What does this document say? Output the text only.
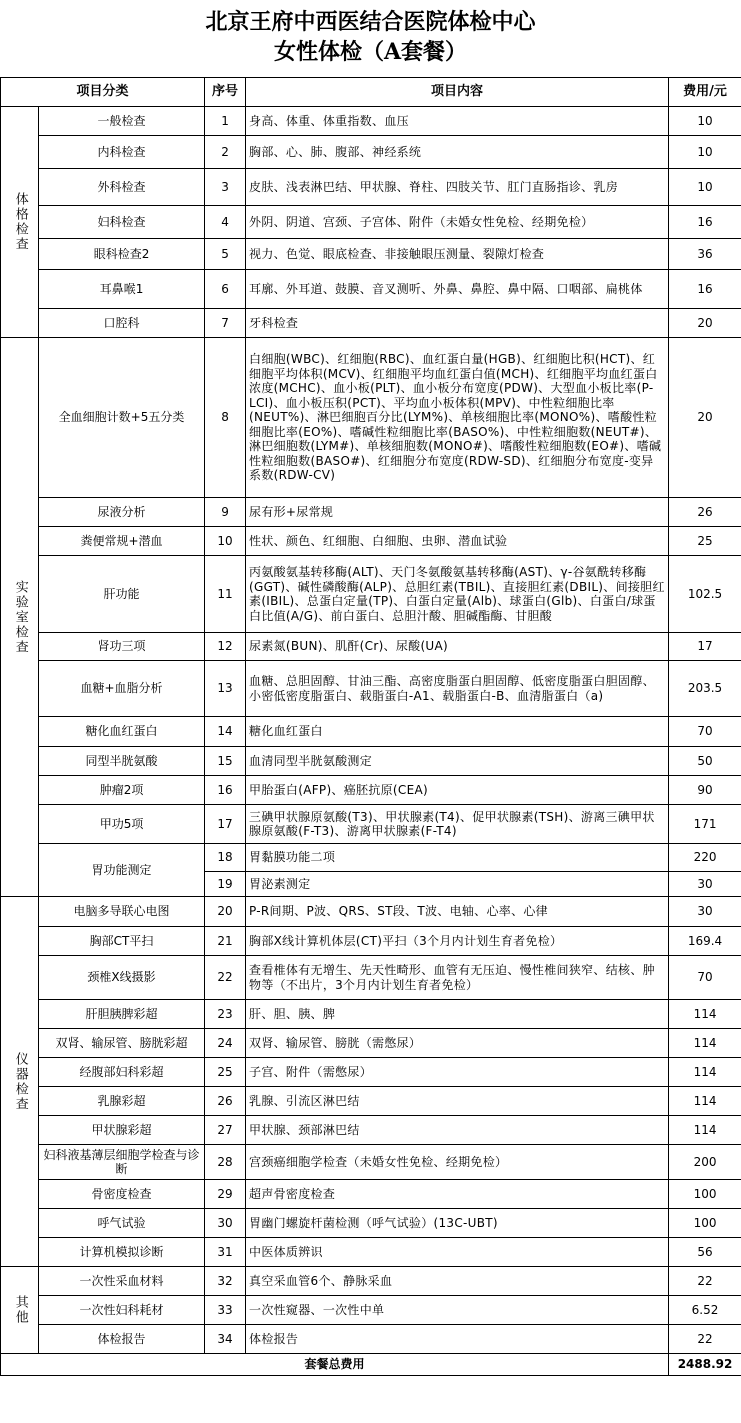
北京王府中西医结合医院体检中心
女性体检（A套餐）
项目分类		序号	项目内容	费用/元
体格检查	一般检查	1	身高、体重、体重指数、血压	10
	内科检查	2	胸部、心、肺、腹部、神经系统	10
	外科检查	3	皮肤、浅表淋巴结、甲状腺、脊柱、四肢关节、肛门直肠指诊、乳房	10
	妇科检查	4	外阴、阴道、宫颈、子宫体、附件（未婚女性免检、经期免检）	16
	眼科检查2	5	视力、色觉、眼底检查、非接触眼压测量、裂隙灯检查	36
	耳鼻喉1	6	耳廓、外耳道、鼓膜、音叉测听、外鼻、鼻腔、鼻中隔、口咽部、扁桃体	16
	口腔科	7	牙科检查	20
实验室检查	全血细胞计数+5五分类	8	白细胞(WBC)、红细胞(RBC)、血红蛋白量(HGB)、红细胞比积(HCT)、红细胞平均体积(MCV)、红细胞平均血红蛋白值(MCH)、红细胞平均血红蛋白浓度(MCHC)、血小板(PLT)、血小板分布宽度(PDW)、大型血小板比率(P-LCI)、血小板压积(PCT)、平均血小板体积(MPV)、中性粒细胞比率(NEUT%)、淋巴细胞百分比(LYM%)、单核细胞比率(MONO%)、嗜酸性粒细胞比率(EO%)、嗜碱性粒细胞比率(BASO%)、中性粒细胞数(NEUT#)、淋巴细胞数(LYM#)、单核细胞数(MONO#)、嗜酸性粒细胞数(EO#)、嗜碱性粒细胞数(BASO#)、红细胞分布宽度(RDW-SD)、红细胞分布宽度-变异系数(RDW-CV)	20
	尿液分析	9	尿有形+尿常规	26
	粪便常规+潜血	10	性状、颜色、红细胞、白细胞、虫卵、潜血试验	25
	肝功能	11	丙氨酸氨基转移酶(ALT)、天门冬氨酸氨基转移酶(AST)、γ-谷氨酰转移酶(GGT)、碱性磷酸酶(ALP)、总胆红素(TBIL)、直接胆红素(DBIL)、间接胆红素(IBIL)、总蛋白定量(TP)、白蛋白定量(Alb)、球蛋白(Glb)、白蛋白/球蛋白比值(A/G)、前白蛋白、总胆汁酸、胆碱酯酶、甘胆酸	102.5
	肾功三项	12	尿素氮(BUN)、肌酐(Cr)、尿酸(UA)	17
	血糖+血脂分析	13	血糖、总胆固醇、甘油三酯、高密度脂蛋白胆固醇、低密度脂蛋白胆固醇、小密低密度脂蛋白、载脂蛋白-A1、载脂蛋白-B、血清脂蛋白（a)	203.5
	糖化血红蛋白	14	糖化血红蛋白	70
	同型半胱氨酸	15	血清同型半胱氨酸测定	50
	肿瘤2项	16	甲胎蛋白(AFP)、癌胚抗原(CEA)	90
	甲功5项	17	三碘甲状腺原氨酸(T3)、甲状腺素(T4)、促甲状腺素(TSH)、游离三碘甲状腺原氨酸(F-T3)、游离甲状腺素(F-T4)	171
	胃功能测定	18	胃黏膜功能二项	220
		19	胃泌素测定	30
仪器检查	电脑多导联心电图	20	P-R间期、P波、QRS、ST段、T波、电轴、心率、心律	30
	胸部CT平扫	21	胸部X线计算机体层(CT)平扫（3个月内计划生育者免检）	169.4
	颈椎X线摄影	22	查看椎体有无增生、先天性畸形、血管有无压迫、慢性椎间狭窄、结核、肿物等（不出片，3个月内计划生育者免检）	70
	肝胆胰脾彩超	23	肝、胆、胰、脾	114
	双肾、输尿管、膀胱彩超	24	双肾、输尿管、膀胱（需憋尿）	114
	经腹部妇科彩超	25	子宫、附件（需憋尿）	114
	乳腺彩超	26	乳腺、引流区淋巴结	114
	甲状腺彩超	27	甲状腺、颈部淋巴结	114
	妇科液基薄层细胞学检查与诊断	28	宫颈癌细胞学检查（未婚女性免检、经期免检）	200
	骨密度检查	29	超声骨密度检查	100
	呼气试验	30	胃幽门螺旋杆菌检测（呼气试验）(13C-UBT)	100
	计算机模拟诊断	31	中医体质辨识	56
其他	一次性采血材料	32	真空采血管6个、静脉采血	22
	一次性妇科耗材	33	一次性窥器、一次性中单	6.52
	体检报告	34	体检报告	22
套餐总费用				2488.92
